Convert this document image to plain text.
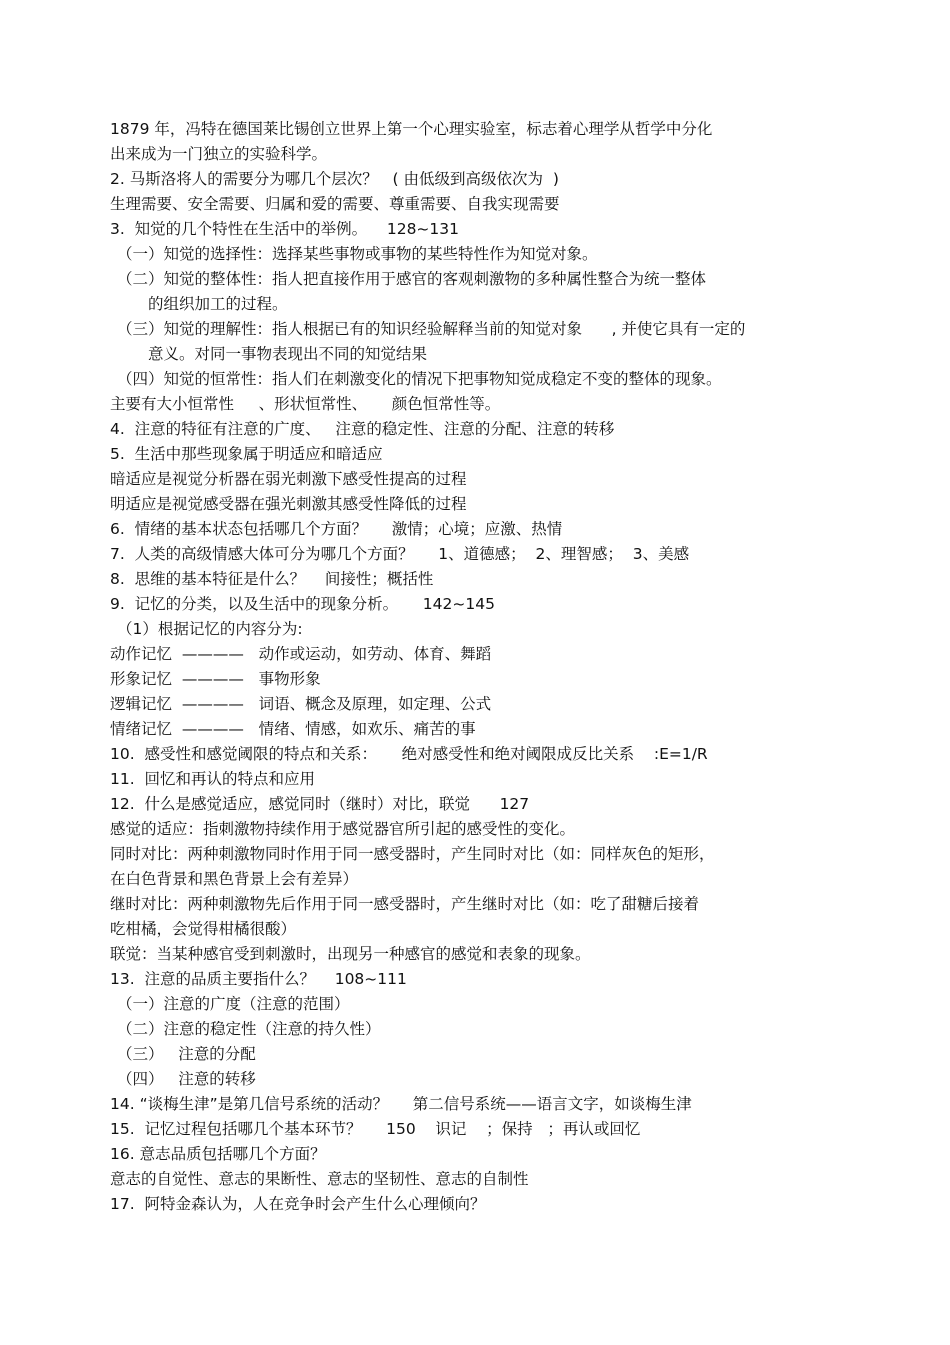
1879 年，冯特在德国莱比锡创立世界上第一个心理实验室，标志着心理学从哲学中分化
出来成为一门独立的实验科学。
2. 马斯洛将人的需要分为哪几个层次？   ( 由低级到高级依次为  )
生理需要、安全需要、归属和爱的需要、尊重需要、自我实现需要
3.  知觉的几个特性在生活中的举例。    128~131
（一）知觉的选择性：选择某些事物或事物的某些特性作为知觉对象。
（二）知觉的整体性：指人把直接作用于感官的客观刺激物的多种属性整合为统一整体
的组织加工的过程。
（三）知觉的理解性：指人根据已有的知识经验解释当前的知觉对象      , 并使它具有一定的
意义。对同一事物表现出不同的知觉结果
（四）知觉的恒常性：指人们在刺激变化的情况下把事物知觉成稳定不变的整体的现象。
主要有大小恒常性     、形状恒常性、     颜色恒常性等。
4.  注意的特征有注意的广度、   注意的稳定性、注意的分配、注意的转移
5.  生活中那些现象属于明适应和暗适应
暗适应是视觉分析器在弱光刺激下感受性提高的过程
明适应是视觉感受器在强光刺激其感受性降低的过程
6.  情绪的基本状态包括哪几个方面？     激情；心境；应激、热情
7.  人类的高级情感大体可分为哪几个方面？     1、道德感；  2、理智感；  3、美感
8.  思维的基本特征是什么？    间接性；概括性
9.  记忆的分类，以及生活中的现象分析。     142~145
（1）根据记忆的内容分为:
动作记忆  ————   动作或运动，如劳动、体育、舞蹈
形象记忆  ————   事物形象
逻辑记忆  ————   词语、概念及原理，如定理、公式
情绪记忆  ————   情绪、情感，如欢乐、痛苦的事
10.  感受性和感觉阈限的特点和关系：     绝对感受性和绝对阈限成反比关系    :E=1/R
11.  回忆和再认的特点和应用
12.  什么是感觉适应，感觉同时（继时）对比，联觉      127
感觉的适应：指刺激物持续作用于感觉器官所引起的感受性的变化。
同时对比：两种刺激物同时作用于同一感受器时，产生同时对比（如：同样灰色的矩形，
在白色背景和黑色背景上会有差异）
继时对比：两种刺激物先后作用于同一感受器时，产生继时对比（如：吃了甜糖后接着
吃柑橘，会觉得柑橘很酸）
联觉：当某种感官受到刺激时，出现另一种感官的感觉和表象的现象。
13.  注意的品质主要指什么？    108~111
（一）注意的广度（注意的范围）
（二）注意的稳定性（注意的持久性）
（三）   注意的分配
（四）   注意的转移
14. “谈梅生津”是第几信号系统的活动？     第二信号系统——语言文字，如谈梅生津
15.  记忆过程包括哪几个基本环节？     150    识记    ；保持   ；再认或回忆
16. 意志品质包括哪几个方面？
意志的自觉性、意志的果断性、意志的坚韧性、意志的自制性
17.  阿特金森认为，人在竞争时会产生什么心理倾向？
